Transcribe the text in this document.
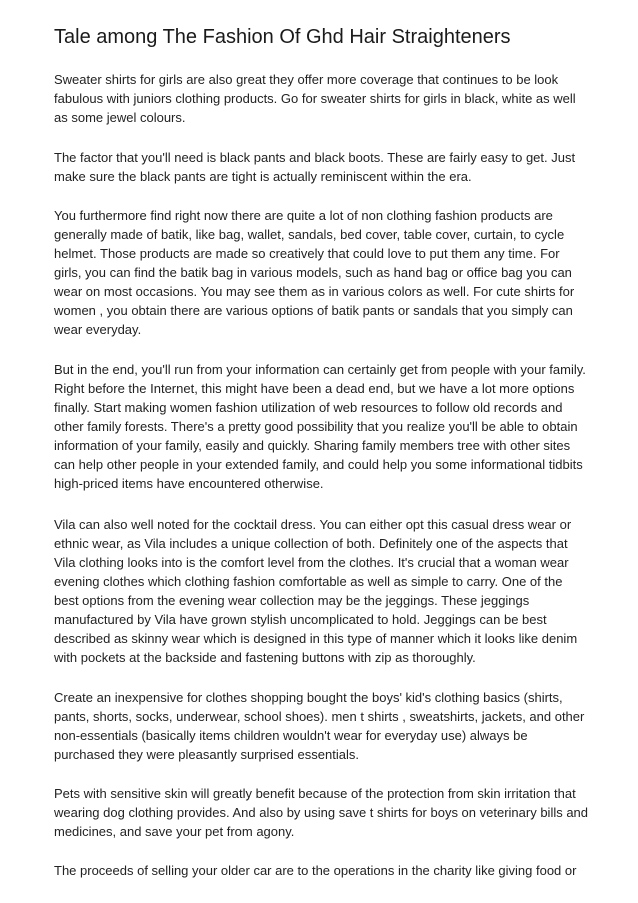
Tale among The Fashion Of Ghd Hair Straighteners

Sweater shirts for girls are also great they offer more coverage that continues to be look
fabulous with juniors clothing products. Go for sweater shirts for girls in black, white as well
as some jewel colours.

The factor that you'll need is black pants and black boots. These are fairly easy to get. Just
make sure the black pants are tight is actually reminiscent within the era.

You furthermore find right now there are quite a lot of non clothing fashion products are
generally made of batik, like bag, wallet, sandals, bed cover, table cover, curtain, to cycle
helmet. Those products are made so creatively that could love to put them any time. For
girls, you can find the batik bag in various models, such as hand bag or office bag you can
wear on most occasions. You may see them as in various colors as well. For cute shirts for
women , you obtain there are various options of batik pants or sandals that you simply can
wear everyday.

But in the end, you'll run from your information can certainly get from people with your family.
Right before the Internet, this might have been a dead end, but we have a lot more options
finally. Start making women fashion utilization of web resources to follow old records and
other family forests. There's a pretty good possibility that you realize you'll be able to obtain
information of your family, easily and quickly. Sharing family members tree with other sites
can help other people in your extended family, and could help you some informational tidbits
high-priced items have encountered otherwise.

Vila can also well noted for the cocktail dress. You can either opt this casual dress wear or
ethnic wear, as Vila includes a unique collection of both. Definitely one of the aspects that
Vila clothing looks into is the comfort level from the clothes. It's crucial that a woman wear
evening clothes which clothing fashion comfortable as well as simple to carry. One of the
best options from the evening wear collection may be the jeggings. These jeggings
manufactured by Vila have grown stylish uncomplicated to hold. Jeggings can be best
described as skinny wear which is designed in this type of manner which it looks like denim
with pockets at the backside and fastening buttons with zip as thoroughly.

Create an inexpensive for clothes shopping bought the boys' kid's clothing basics (shirts,
pants, shorts, socks, underwear, school shoes). men t shirts , sweatshirts, jackets, and other
non-essentials (basically items children wouldn't wear for everyday use) always be
purchased they were pleasantly surprised essentials.

Pets with sensitive skin will greatly benefit because of the protection from skin irritation that
wearing dog clothing provides. And also by using save t shirts for boys on veterinary bills and
medicines, and save your pet from agony.

The proceeds of selling your older car are to the operations in the charity like giving food or
